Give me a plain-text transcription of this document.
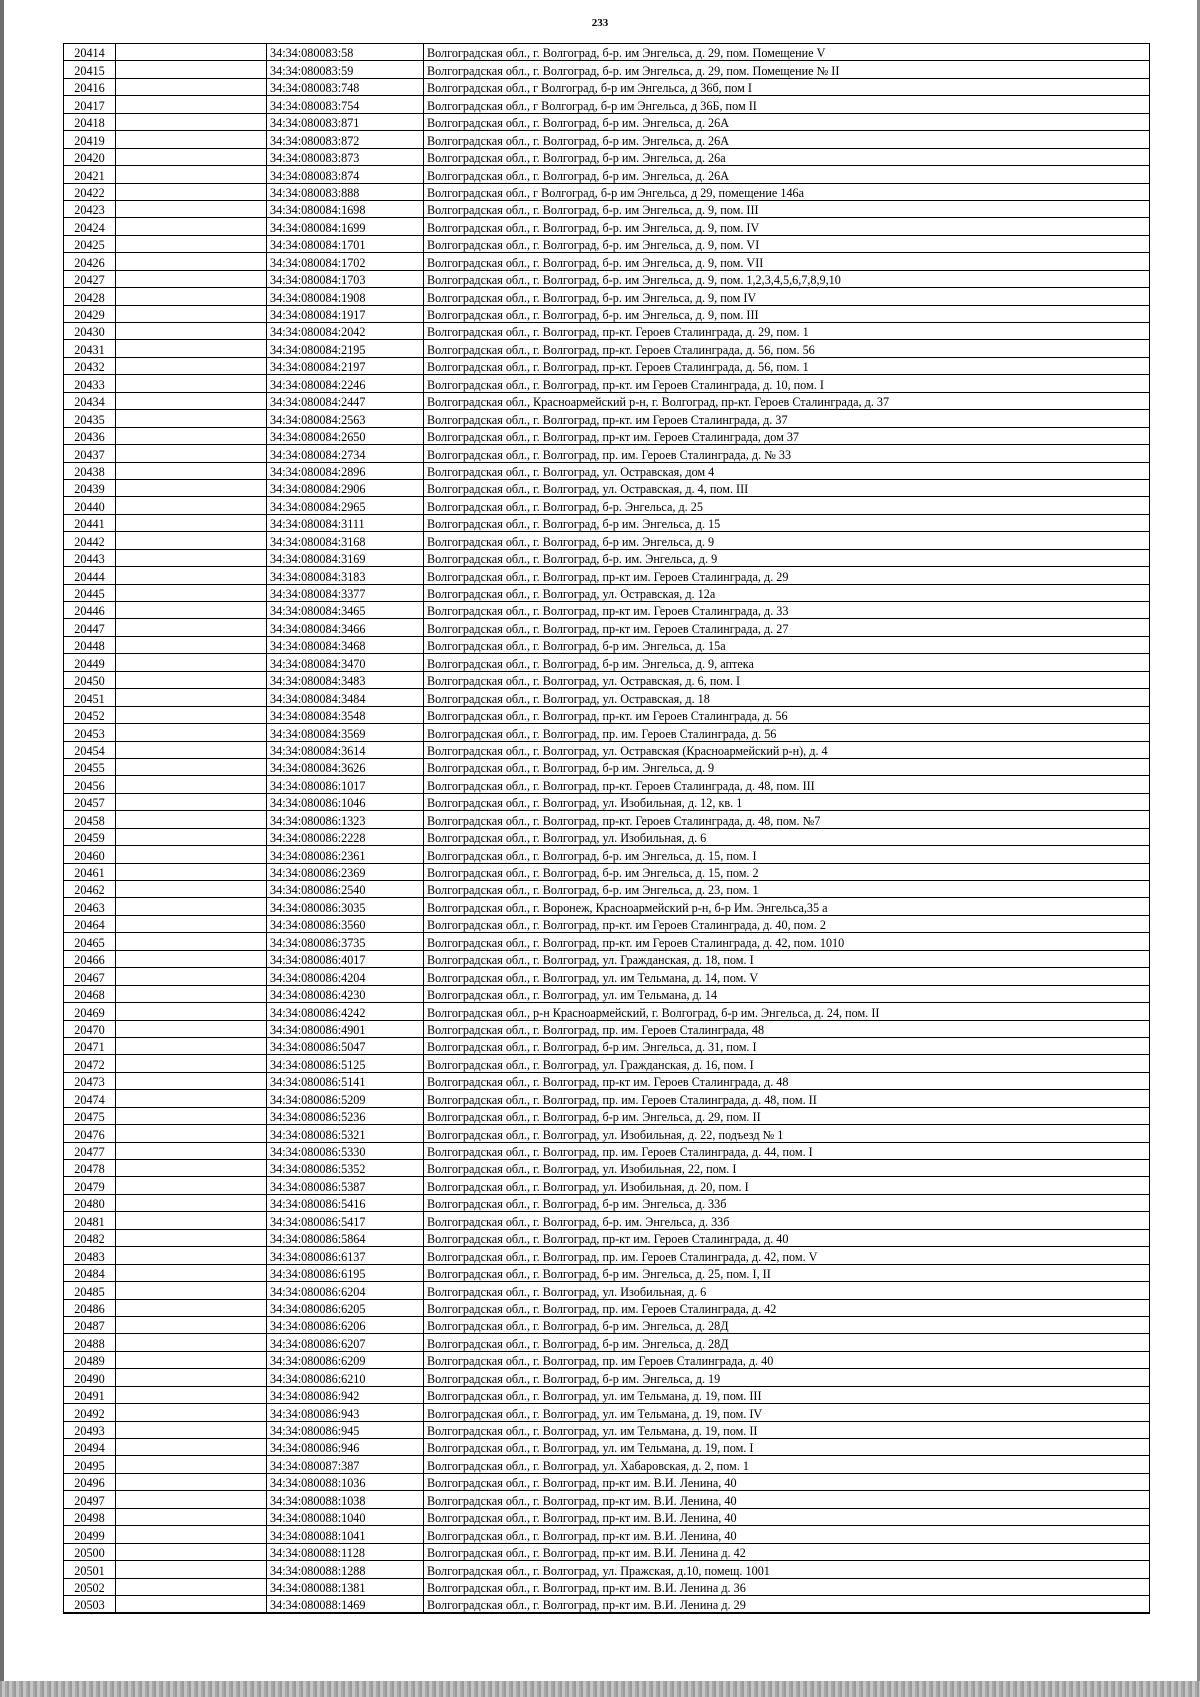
233
20414		34:34:080083:58	Волгоградская обл., г. Волгоград, б-р. им Энгельса, д. 29, пом. Помещение V
20415		34:34:080083:59	Волгоградская обл., г. Волгоград, б-р. им Энгельса, д. 29, пом. Помещение № II
20416		34:34:080083:748	Волгоградская обл., г Волгоград, б-р им Энгельса, д 36б, пом I
20417		34:34:080083:754	Волгоградская обл., г Волгоград, б-р им Энгельса, д 36Б, пом II
20418		34:34:080083:871	Волгоградская обл., г. Волгоград, б-р им. Энгельса, д. 26А
20419		34:34:080083:872	Волгоградская обл., г. Волгоград, б-р им. Энгельса, д. 26А
20420		34:34:080083:873	Волгоградская обл., г. Волгоград, б-р им. Энгельса, д. 26а
20421		34:34:080083:874	Волгоградская обл., г. Волгоград, б-р им. Энгельса, д. 26А
20422		34:34:080083:888	Волгоградская обл., г Волгоград, б-р им Энгельса, д 29, помещение 146а
20423		34:34:080084:1698	Волгоградская обл., г. Волгоград, б-р. им Энгельса, д. 9, пом. III
20424		34:34:080084:1699	Волгоградская обл., г. Волгоград, б-р. им Энгельса, д. 9, пом. IV
20425		34:34:080084:1701	Волгоградская обл., г. Волгоград, б-р. им Энгельса, д. 9, пом. VI
20426		34:34:080084:1702	Волгоградская обл., г. Волгоград, б-р. им Энгельса, д. 9, пом. VII
20427		34:34:080084:1703	Волгоградская обл., г. Волгоград, б-р. им Энгельса, д. 9, пом. 1,2,3,4,5,6,7,8,9,10
20428		34:34:080084:1908	Волгоградская обл., г. Волгоград, б-р. им Энгельса, д. 9, пом IV
20429		34:34:080084:1917	Волгоградская обл., г. Волгоград, б-р. им Энгельса, д. 9, пом. III
20430		34:34:080084:2042	Волгоградская обл., г. Волгоград, пр-кт. Героев Сталинграда, д. 29, пом. 1
20431		34:34:080084:2195	Волгоградская обл., г. Волгоград, пр-кт. Героев Сталинграда, д. 56, пом. 56
20432		34:34:080084:2197	Волгоградская обл., г. Волгоград, пр-кт. Героев Сталинграда, д. 56, пом. 1
20433		34:34:080084:2246	Волгоградская обл., г. Волгоград, пр-кт. им Героев Сталинграда, д. 10, пом. I
20434		34:34:080084:2447	Волгоградская обл., Красноармейский р-н, г. Волгоград, пр-кт. Героев Сталинграда, д. 37
20435		34:34:080084:2563	Волгоградская обл., г. Волгоград, пр-кт. им Героев Сталинграда, д. 37
20436		34:34:080084:2650	Волгоградская обл., г. Волгоград, пр-кт им. Героев Сталинграда, дом 37
20437		34:34:080084:2734	Волгоградская обл., г. Волгоград, пр. им. Героев Сталинграда, д. № 33
20438		34:34:080084:2896	Волгоградская обл., г. Волгоград, ул. Остравская, дом 4
20439		34:34:080084:2906	Волгоградская обл., г. Волгоград, ул. Остравская, д. 4, пом. III
20440		34:34:080084:2965	Волгоградская обл., г. Волгоград, б-р. Энгельса, д. 25
20441		34:34:080084:3111	Волгоградская обл., г. Волгоград, б-р им. Энгельса, д. 15
20442		34:34:080084:3168	Волгоградская обл., г. Волгоград, б-р им. Энгельса, д. 9
20443		34:34:080084:3169	Волгоградская обл., г. Волгоград, б-р. им. Энгельса, д. 9
20444		34:34:080084:3183	Волгоградская обл., г. Волгоград, пр-кт им. Героев Сталинграда, д. 29
20445		34:34:080084:3377	Волгоградская обл., г. Волгоград, ул. Остравская, д. 12а
20446		34:34:080084:3465	Волгоградская обл., г. Волгоград, пр-кт им. Героев Сталинграда, д. 33
20447		34:34:080084:3466	Волгоградская обл., г. Волгоград, пр-кт им. Героев Сталинграда, д. 27
20448		34:34:080084:3468	Волгоградская обл., г. Волгоград, б-р им. Энгельса, д. 15а
20449		34:34:080084:3470	Волгоградская обл., г. Волгоград, б-р им. Энгельса, д. 9, аптека
20450		34:34:080084:3483	Волгоградская обл., г. Волгоград, ул. Остравская, д. 6, пом. I
20451		34:34:080084:3484	Волгоградская обл., г. Волгоград, ул. Остравская, д. 18
20452		34:34:080084:3548	Волгоградская обл., г. Волгоград, пр-кт. им Героев Сталинграда, д. 56
20453		34:34:080084:3569	Волгоградская обл., г. Волгоград, пр. им. Героев Сталинграда, д. 56
20454		34:34:080084:3614	Волгоградская обл., г. Волгоград, ул. Остравская (Красноармейский р-н), д. 4
20455		34:34:080084:3626	Волгоградская обл., г. Волгоград, б-р им. Энгельса, д. 9
20456		34:34:080086:1017	Волгоградская обл., г. Волгоград, пр-кт. Героев Сталинграда, д. 48, пом. III
20457		34:34:080086:1046	Волгоградская обл., г. Волгоград, ул. Изобильная, д. 12, кв. 1
20458		34:34:080086:1323	Волгоградская обл., г. Волгоград, пр-кт. Героев Сталинграда, д. 48, пом. №7
20459		34:34:080086:2228	Волгоградская обл., г. Волгоград, ул. Изобильная, д. 6
20460		34:34:080086:2361	Волгоградская обл., г. Волгоград, б-р. им Энгельса, д. 15, пом. I
20461		34:34:080086:2369	Волгоградская обл., г. Волгоград, б-р. им Энгельса, д. 15, пом. 2
20462		34:34:080086:2540	Волгоградская обл., г. Волгоград, б-р. им Энгельса, д. 23, пом. 1
20463		34:34:080086:3035	Волгоградская обл., г. Воронеж, Красноармейский р-н, б-р Им. Энгельса,35 а
20464		34:34:080086:3560	Волгоградская обл., г. Волгоград, пр-кт. им Героев Сталинграда, д. 40, пом. 2
20465		34:34:080086:3735	Волгоградская обл., г. Волгоград, пр-кт. им Героев Сталинграда, д. 42, пом. 1010
20466		34:34:080086:4017	Волгоградская обл., г. Волгоград, ул. Гражданская, д. 18, пом. I
20467		34:34:080086:4204	Волгоградская обл., г. Волгоград, ул. им Тельмана, д. 14, пом. V
20468		34:34:080086:4230	Волгоградская обл., г. Волгоград, ул. им Тельмана, д. 14
20469		34:34:080086:4242	Волгоградская обл., р-н Красноармейский, г. Волгоград, б-р им. Энгельса, д. 24, пом. II
20470		34:34:080086:4901	Волгоградская обл., г. Волгоград, пр. им. Героев Сталинграда, 48
20471		34:34:080086:5047	Волгоградская обл., г. Волгоград, б-р им. Энгельса, д. 31, пом. I
20472		34:34:080086:5125	Волгоградская обл., г. Волгоград, ул. Гражданская, д. 16, пом. I
20473		34:34:080086:5141	Волгоградская обл., г. Волгоград, пр-кт им. Героев Сталинграда, д. 48
20474		34:34:080086:5209	Волгоградская обл., г. Волгоград, пр. им. Героев Сталинграда, д. 48, пом. II
20475		34:34:080086:5236	Волгоградская обл., г. Волгоград, б-р им. Энгельса, д. 29, пом. II
20476		34:34:080086:5321	Волгоградская обл., г. Волгоград, ул. Изобильная, д. 22, подъезд № 1
20477		34:34:080086:5330	Волгоградская обл., г. Волгоград, пр. им. Героев Сталинграда, д. 44, пом. I
20478		34:34:080086:5352	Волгоградская обл., г. Волгоград, ул. Изобильная, 22, пом. I
20479		34:34:080086:5387	Волгоградская обл., г. Волгоград, ул. Изобильная, д. 20, пом. I
20480		34:34:080086:5416	Волгоградская обл., г. Волгоград, б-р им. Энгельса, д. 33б
20481		34:34:080086:5417	Волгоградская обл., г. Волгоград, б-р. им. Энгельса, д. 33б
20482		34:34:080086:5864	Волгоградская обл., г. Волгоград, пр-кт им. Героев Сталинграда, д. 40
20483		34:34:080086:6137	Волгоградская обл., г. Волгоград, пр. им. Героев Сталинграда, д. 42, пом. V
20484		34:34:080086:6195	Волгоградская обл., г. Волгоград, б-р им. Энгельса, д. 25, пом. I, II
20485		34:34:080086:6204	Волгоградская обл., г. Волгоград, ул. Изобильная, д. 6
20486		34:34:080086:6205	Волгоградская обл., г. Волгоград, пр. им. Героев Сталинграда, д. 42
20487		34:34:080086:6206	Волгоградская обл., г. Волгоград, б-р им. Энгельса, д. 28Д
20488		34:34:080086:6207	Волгоградская обл., г. Волгоград, б-р им. Энгельса, д. 28Д
20489		34:34:080086:6209	Волгоградская обл., г. Волгоград, пр. им Героев Сталинграда, д. 40
20490		34:34:080086:6210	Волгоградская обл., г. Волгоград, б-р им. Энгельса, д. 19
20491		34:34:080086:942	Волгоградская обл., г. Волгоград, ул. им Тельмана, д. 19, пом. III
20492		34:34:080086:943	Волгоградская обл., г. Волгоград, ул. им Тельмана, д. 19, пом. IV
20493		34:34:080086:945	Волгоградская обл., г. Волгоград, ул. им Тельмана, д. 19, пом. II
20494		34:34:080086:946	Волгоградская обл., г. Волгоград, ул. им Тельмана, д. 19, пом. I
20495		34:34:080087:387	Волгоградская обл., г. Волгоград, ул. Хабаровская, д. 2, пом. 1
20496		34:34:080088:1036	Волгоградская обл., г. Волгоград, пр-кт им. В.И. Ленина, 40
20497		34:34:080088:1038	Волгоградская обл., г. Волгоград, пр-кт им. В.И. Ленина, 40
20498		34:34:080088:1040	Волгоградская обл., г. Волгоград, пр-кт им. В.И. Ленина, 40
20499		34:34:080088:1041	Волгоградская обл., г. Волгоград, пр-кт им. В.И. Ленина, 40
20500		34:34:080088:1128	Волгоградская обл., г. Волгоград, пр-кт им. В.И. Ленина д. 42
20501		34:34:080088:1288	Волгоградская обл., г. Волгоград, ул. Пражская, д.10, помещ. 1001
20502		34:34:080088:1381	Волгоградская обл., г. Волгоград, пр-кт им. В.И. Ленина д. 36
20503		34:34:080088:1469	Волгоградская обл., г. Волгоград, пр-кт им. В.И. Ленина д. 29
